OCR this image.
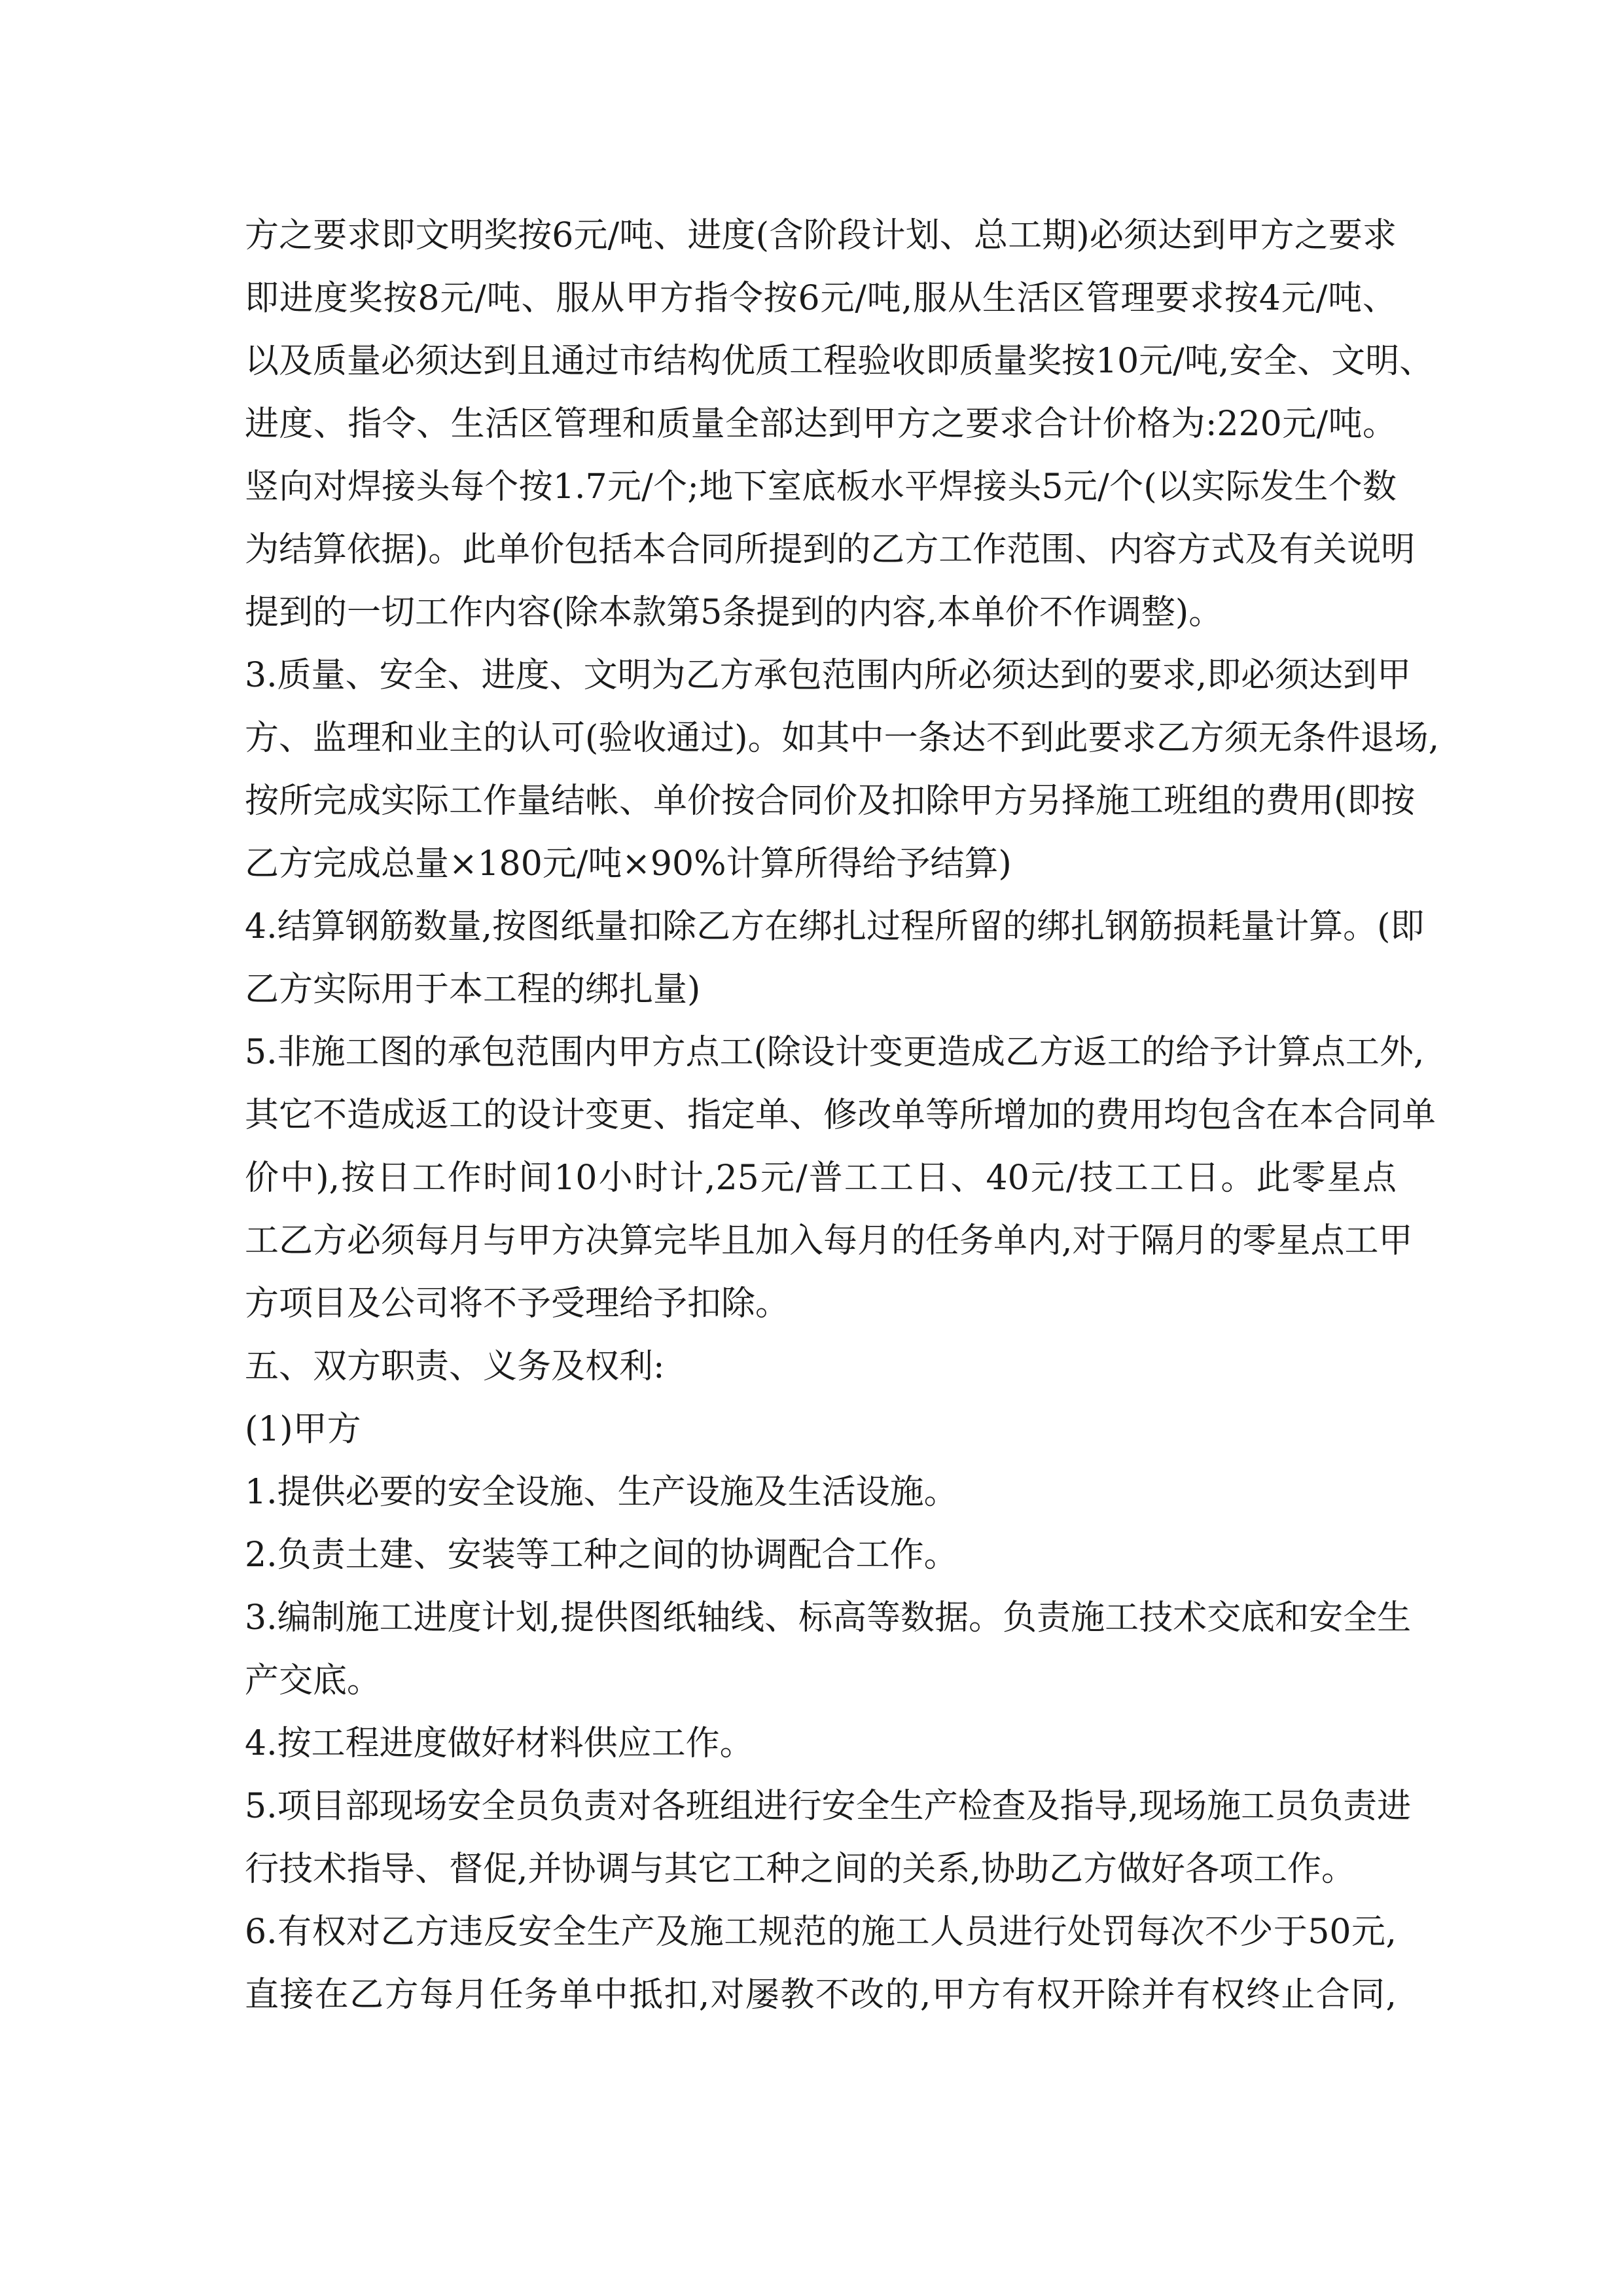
方之要求即文明奖按6元/吨、进度(含阶段计划、总工期)必须达到甲方之要求
即进度奖按8元/吨、服从甲方指令按6元/吨,服从生活区管理要求按4元/吨、
以及质量必须达到且通过市结构优质工程验收即质量奖按10元/吨,安全、文明、
进度、指令、生活区管理和质量全部达到甲方之要求合计价格为:220元/吨。
竖向对焊接头每个按1.7元/个;地下室底板水平焊接头5元/个(以实际发生个数
为结算依据)。此单价包括本合同所提到的乙方工作范围、内容方式及有关说明
提到的一切工作内容(除本款第5条提到的内容,本单价不作调整)。
3.质量、安全、进度、文明为乙方承包范围内所必须达到的要求,即必须达到甲
方、监理和业主的认可(验收通过)。如其中一条达不到此要求乙方须无条件退场,
按所完成实际工作量结帐、单价按合同价及扣除甲方另择施工班组的费用(即按
乙方完成总量×180元/吨×90%计算所得给予结算)
4.结算钢筋数量,按图纸量扣除乙方在绑扎过程所留的绑扎钢筋损耗量计算。(即
乙方实际用于本工程的绑扎量)
5.非施工图的承包范围内甲方点工(除设计变更造成乙方返工的给予计算点工外,
其它不造成返工的设计变更、指定单、修改单等所增加的费用均包含在本合同单
价中),按日工作时间10小时计,25元/普工工日、40元/技工工日。此零星点
工乙方必须每月与甲方决算完毕且加入每月的任务单内,对于隔月的零星点工甲
方项目及公司将不予受理给予扣除。
五、双方职责、义务及权利:
(1)甲方
1.提供必要的安全设施、生产设施及生活设施。
2.负责土建、安装等工种之间的协调配合工作。
3.编制施工进度计划,提供图纸轴线、标高等数据。负责施工技术交底和安全生
产交底。
4.按工程进度做好材料供应工作。
5.项目部现场安全员负责对各班组进行安全生产检查及指导,现场施工员负责进
行技术指导、督促,并协调与其它工种之间的关系,协助乙方做好各项工作。
6.有权对乙方违反安全生产及施工规范的施工人员进行处罚每次不少于50元,
直接在乙方每月任务单中抵扣,对屡教不改的,甲方有权开除并有权终止合同,
